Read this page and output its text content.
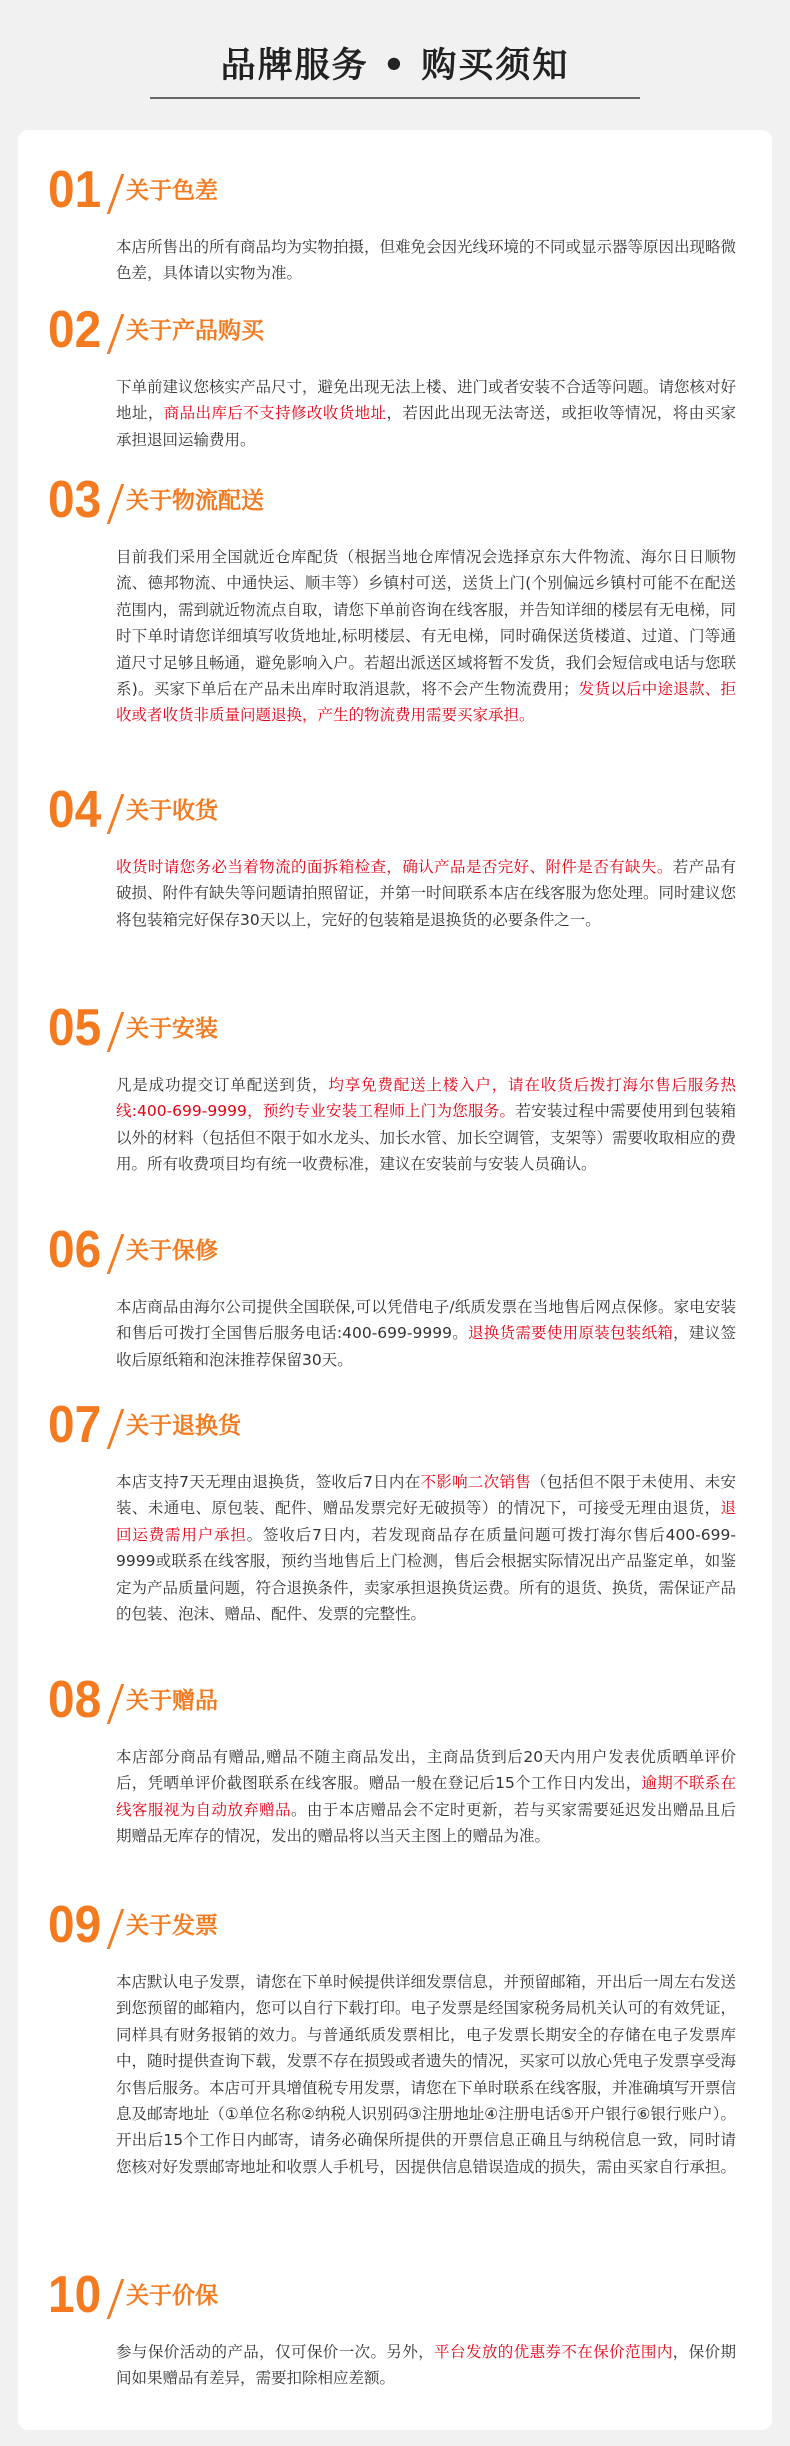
品牌服务 • 购买须知
01 关于色差
本店所售出的所有商品均为实物拍摄，但难免会因光线环境的不同或显示器等原因出现略微色差，具体请以实物为准。
02 关于产品购买
下单前建议您核实产品尺寸，避免出现无法上楼、进门或者安装不合适等问题。请您核对好地址，商品出库后不支持修改收货地址，若因此出现无法寄送，或拒收等情况，将由买家承担退回运输费用。
03 关于物流配送
目前我们采用全国就近仓库配货（根据当地仓库情况会选择京东大件物流、海尔日日顺物流、德邦物流、中通快运、顺丰等）乡镇村可送，送货上门(个别偏远乡镇村可能不在配送范围内，需到就近物流点自取，请您下单前咨询在线客服，并告知详细的楼层有无电梯，同时下单时请您详细填写收货地址,标明楼层、有无电梯，同时确保送货楼道、过道、门等通道尺寸足够且畅通，避免影响入户。若超出派送区域将暂不发货，我们会短信或电话与您联系)。买家下单后在产品未出库时取消退款，将不会产生物流费用；发货以后中途退款、拒收或者收货非质量问题退换，产生的物流费用需要买家承担。
04 关于收货
收货时请您务必当着物流的面拆箱检查，确认产品是否完好、附件是否有缺失。若产品有破损、附件有缺失等问题请拍照留证，并第一时间联系本店在线客服为您处理。同时建议您将包装箱完好保存30天以上，完好的包装箱是退换货的必要条件之一。
05 关于安装
凡是成功提交订单配送到货，均享免费配送上楼入户，请在收货后拨打海尔售后服务热线:400-699-9999，预约专业安装工程师上门为您服务。若安装过程中需要使用到包装箱以外的材料（包括但不限于如水龙头、加长水管、加长空调管，支架等）需要收取相应的费用。所有收费项目均有统一收费标准，建议在安装前与安装人员确认。
06 关于保修
本店商品由海尔公司提供全国联保,可以凭借电子/纸质发票在当地售后网点保修。家电安装和售后可拨打全国售后服务电话:400-699-9999。退换货需要使用原装包装纸箱，建议签收后原纸箱和泡沫推荐保留30天。
07 关于退换货
本店支持7天无理由退换货，签收后7日内在不影响二次销售（包括但不限于未使用、未安装、未通电、原包装、配件、赠品发票完好无破损等）的情况下，可接受无理由退货，退回运费需用户承担。签收后7日内，若发现商品存在质量问题可拨打海尔售后400-699-9999或联系在线客服，预约当地售后上门检测，售后会根据实际情况出产品鉴定单，如鉴定为产品质量问题，符合退换条件，卖家承担退换货运费。所有的退货、换货，需保证产品的包装、泡沫、赠品、配件、发票的完整性。
08 关于赠品
本店部分商品有赠品,赠品不随主商品发出，主商品货到后20天内用户发表优质晒单评价后，凭晒单评价截图联系在线客服。赠品一般在登记后15个工作日内发出，逾期不联系在线客服视为自动放弃赠品。由于本店赠品会不定时更新，若与买家需要延迟发出赠品且后期赠品无库存的情况，发出的赠品将以当天主图上的赠品为准。
09 关于发票
本店默认电子发票，请您在下单时候提供详细发票信息，并预留邮箱，开出后一周左右发送到您预留的邮箱内，您可以自行下载打印。电子发票是经国家税务局机关认可的有效凭证，同样具有财务报销的效力。与普通纸质发票相比，电子发票长期安全的存储在电子发票库中，随时提供查询下载，发票不存在损毁或者遗失的情况，买家可以放心凭电子发票享受海尔售后服务。本店可开具增值税专用发票，请您在下单时联系在线客服，并准确填写开票信息及邮寄地址（①单位名称②纳税人识别码③注册地址④注册电话⑤开户银行⑥银行账户）。开出后15个工作日内邮寄，请务必确保所提供的开票信息正确且与纳税信息一致，同时请您核对好发票邮寄地址和收票人手机号，因提供信息错误造成的损失，需由买家自行承担。
10 关于价保
参与保价活动的产品，仅可保价一次。另外，平台发放的优惠券不在保价范围内，保价期间如果赠品有差异，需要扣除相应差额。
